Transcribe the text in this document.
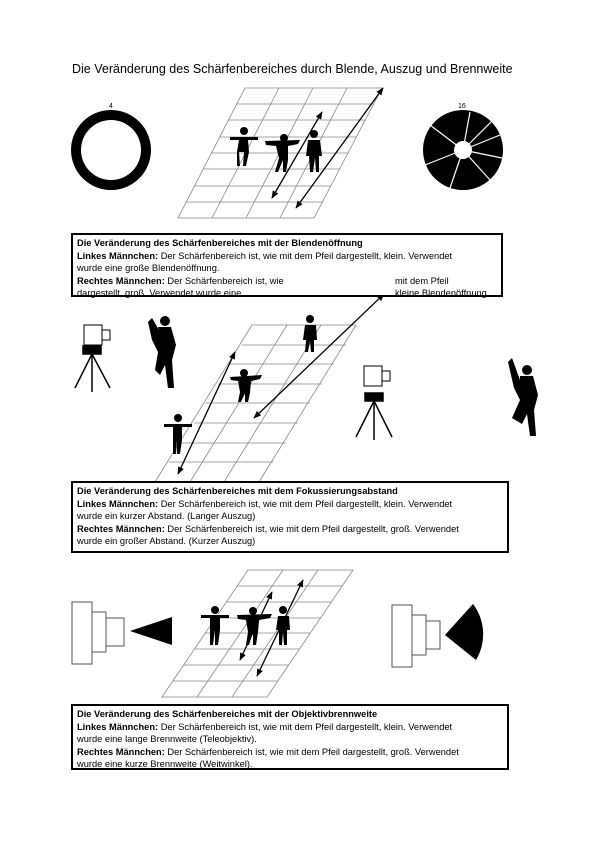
Die Veränderung des Schärfenbereiches durch Blende, Auszug und Brennweite
4	16
Die Veränderung des Schärfenbereiches mit der Blendenöffnung
Linkes Männchen: Der Schärfenbereich ist, wie mit dem Pfeil dargestellt, klein. Verwendet
wurde eine große Blendenöffnung.
Rechtes Männchen: Der Schärfenbereich ist, wie	mit dem Pfeil
dargestellt, groß. Verwendet wurde eine	kleine Blendenöffnung.
Die Veränderung des Schärfenbereiches mit dem Fokussierungsabstand
Linkes Männchen: Der Schärfenbereich ist, wie mit dem Pfeil dargestellt, klein. Verwendet
wurde ein kurzer Abstand. (Langer Auszug)
Rechtes Männchen: Der Schärfenbereich ist, wie mit dem Pfeil dargestellt, groß. Verwendet
wurde ein großer Abstand. (Kurzer Auszug)
Die Veränderung des Schärfenbereiches mit der Objektivbrennweite
Linkes Männchen: Der Schärfenbereich ist, wie mit dem Pfeil dargestellt, klein. Verwendet
wurde eine lange Brennweite (Teleobjektiv).
Rechtes Männchen: Der Schärfenbereich ist, wie mit dem Pfeil dargestellt, groß. Verwendet
wurde eine kurze Brennweite (Weitwinkel).
